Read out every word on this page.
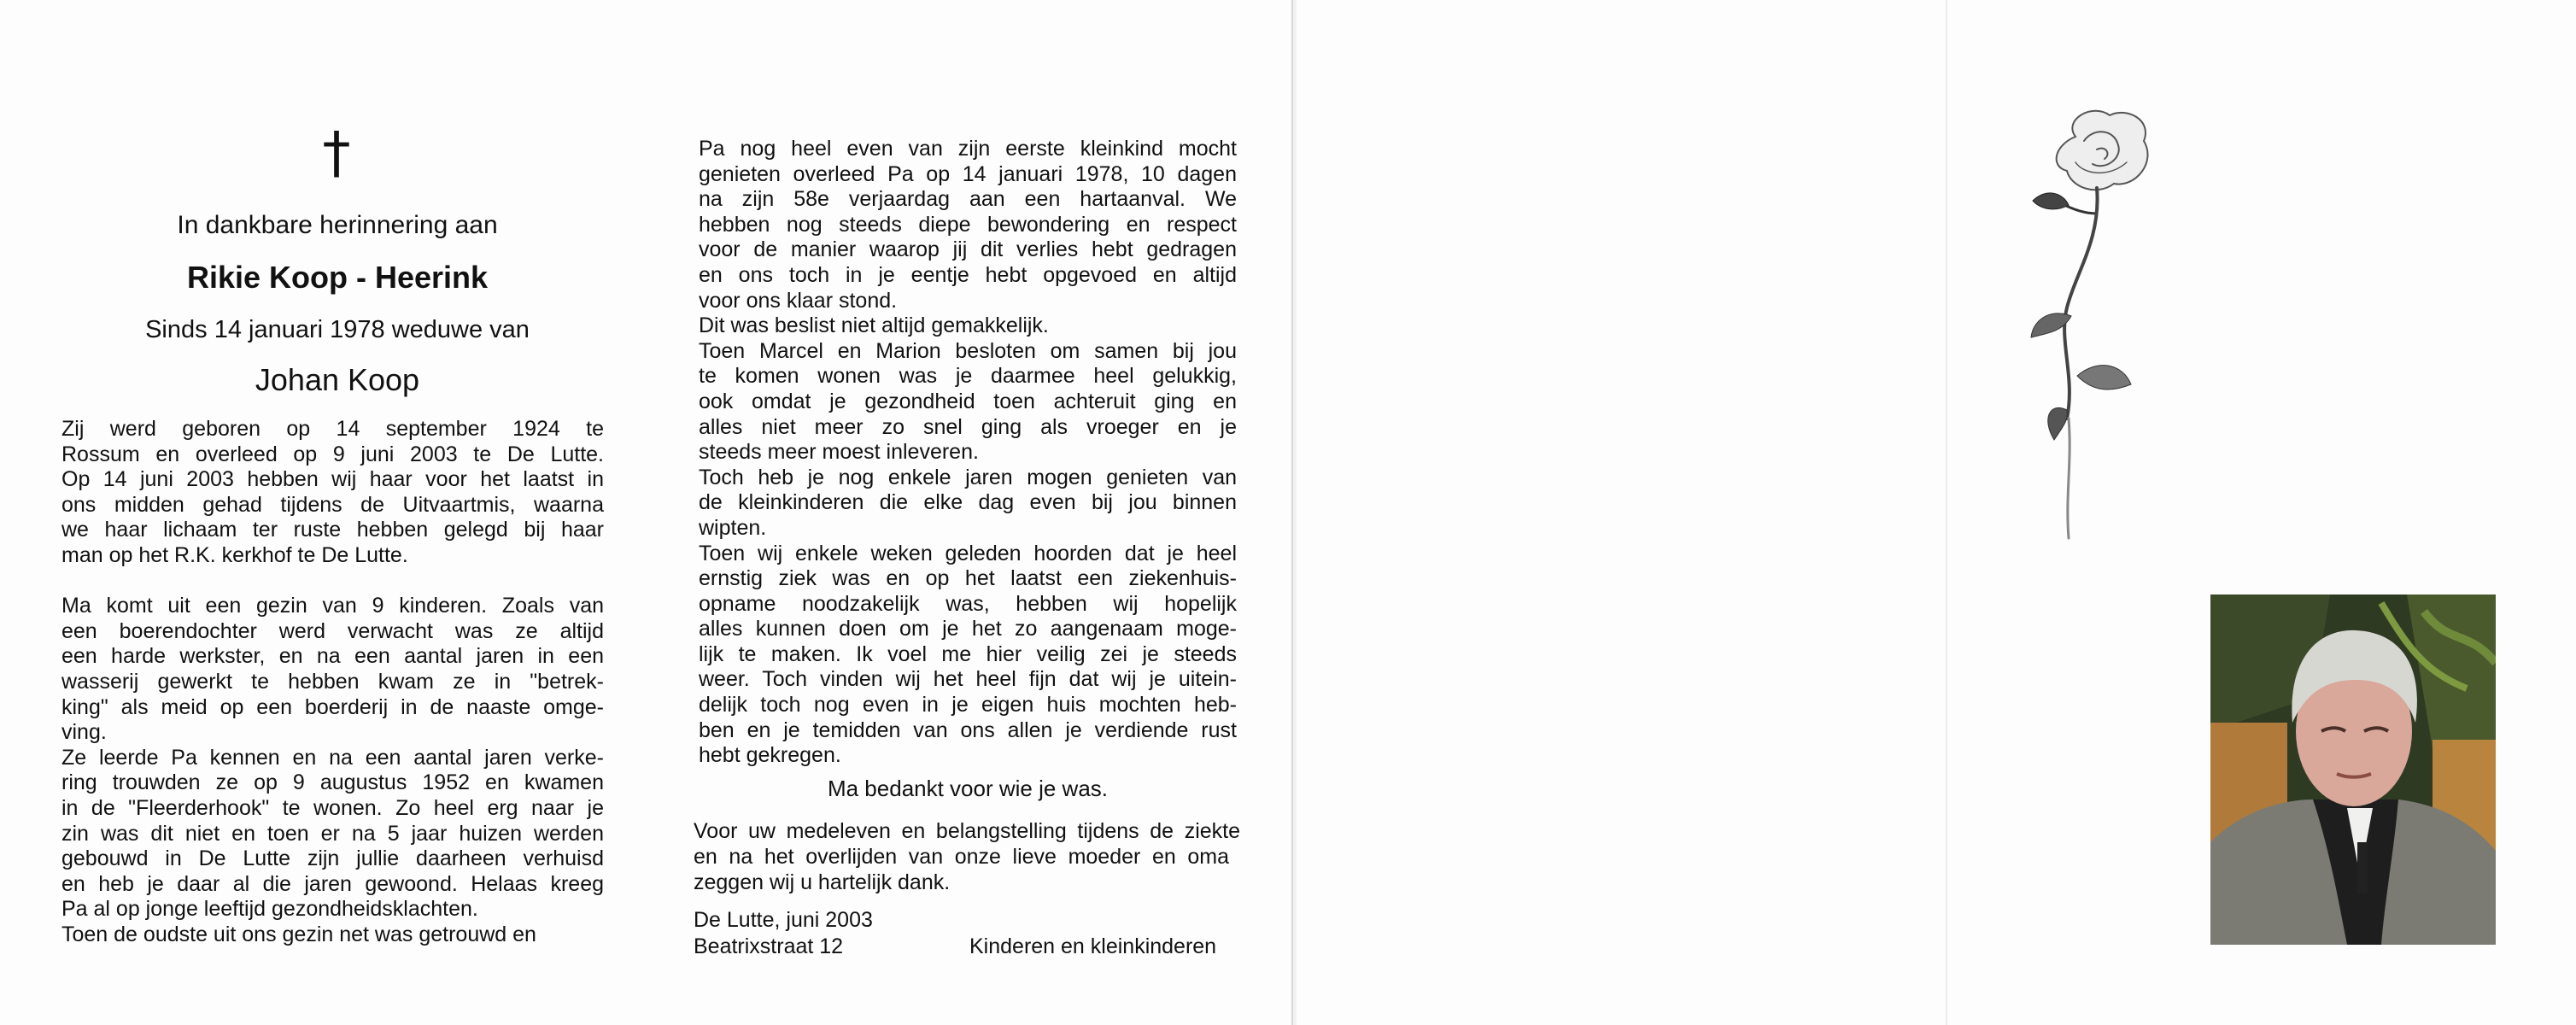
†
In dankbare herinnering aan
Rikie Koop - Heerink
Sinds 14 januari 1978 weduwe van
Johan Koop
Zij werd geboren op 14 september 1924 te
Rossum en overleed op 9 juni 2003 te De Lutte.
Op 14 juni 2003 hebben wij haar voor het laatst in
ons midden gehad tijdens de Uitvaartmis, waarna
we haar lichaam ter ruste hebben gelegd bij haar
man op het R.K. kerkhof te De Lutte.
Ma komt uit een gezin van 9 kinderen. Zoals van
een boerendochter werd verwacht was ze altijd
een harde werkster, en na een aantal jaren in een
wasserij gewerkt te hebben kwam ze in "betrek-
king" als meid op een boerderij in de naaste omge-
ving.
Ze leerde Pa kennen en na een aantal jaren verke-
ring trouwden ze op 9 augustus 1952 en kwamen
in de "Fleerderhook" te wonen. Zo heel erg naar je
zin was dit niet en toen er na 5 jaar huizen werden
gebouwd in De Lutte zijn jullie daarheen verhuisd
en heb je daar al die jaren gewoond. Helaas kreeg
Pa al op jonge leeftijd gezondheidsklachten.
Toen de oudste uit ons gezin net was getrouwd en
Pa nog heel even van zijn eerste kleinkind mocht
genieten overleed Pa op 14 januari 1978, 10 dagen
na zijn 58e verjaardag aan een hartaanval. We
hebben nog steeds diepe bewondering en respect
voor de manier waarop jij dit verlies hebt gedragen
en ons toch in je eentje hebt opgevoed en altijd
voor ons klaar stond.
Dit was beslist niet altijd gemakkelijk.
Toen Marcel en Marion besloten om samen bij jou
te komen wonen was je daarmee heel gelukkig,
ook omdat je gezondheid toen achteruit ging en
alles niet meer zo snel ging als vroeger en je
steeds meer moest inleveren.
Toch heb je nog enkele jaren mogen genieten van
de kleinkinderen die elke dag even bij jou binnen
wipten.
Toen wij enkele weken geleden hoorden dat je heel
ernstig ziek was en op het laatst een ziekenhuis-
opname noodzakelijk was, hebben wij hopelijk
alles kunnen doen om je het zo aangenaam moge-
lijk te maken. Ik voel me hier veilig zei je steeds
weer. Toch vinden wij het heel fijn dat wij je uitein-
delijk toch nog even in je eigen huis mochten heb-
ben en je temidden van ons allen je verdiende rust
hebt gekregen.
Ma bedankt voor wie je was.
Voor uw medeleven en belangstelling tijdens de ziekte
en na het overlijden van onze lieve moeder en oma
zeggen wij u hartelijk dank.
De Lutte, juni 2003
Beatrixstraat 12	Kinderen en kleinkinderen
